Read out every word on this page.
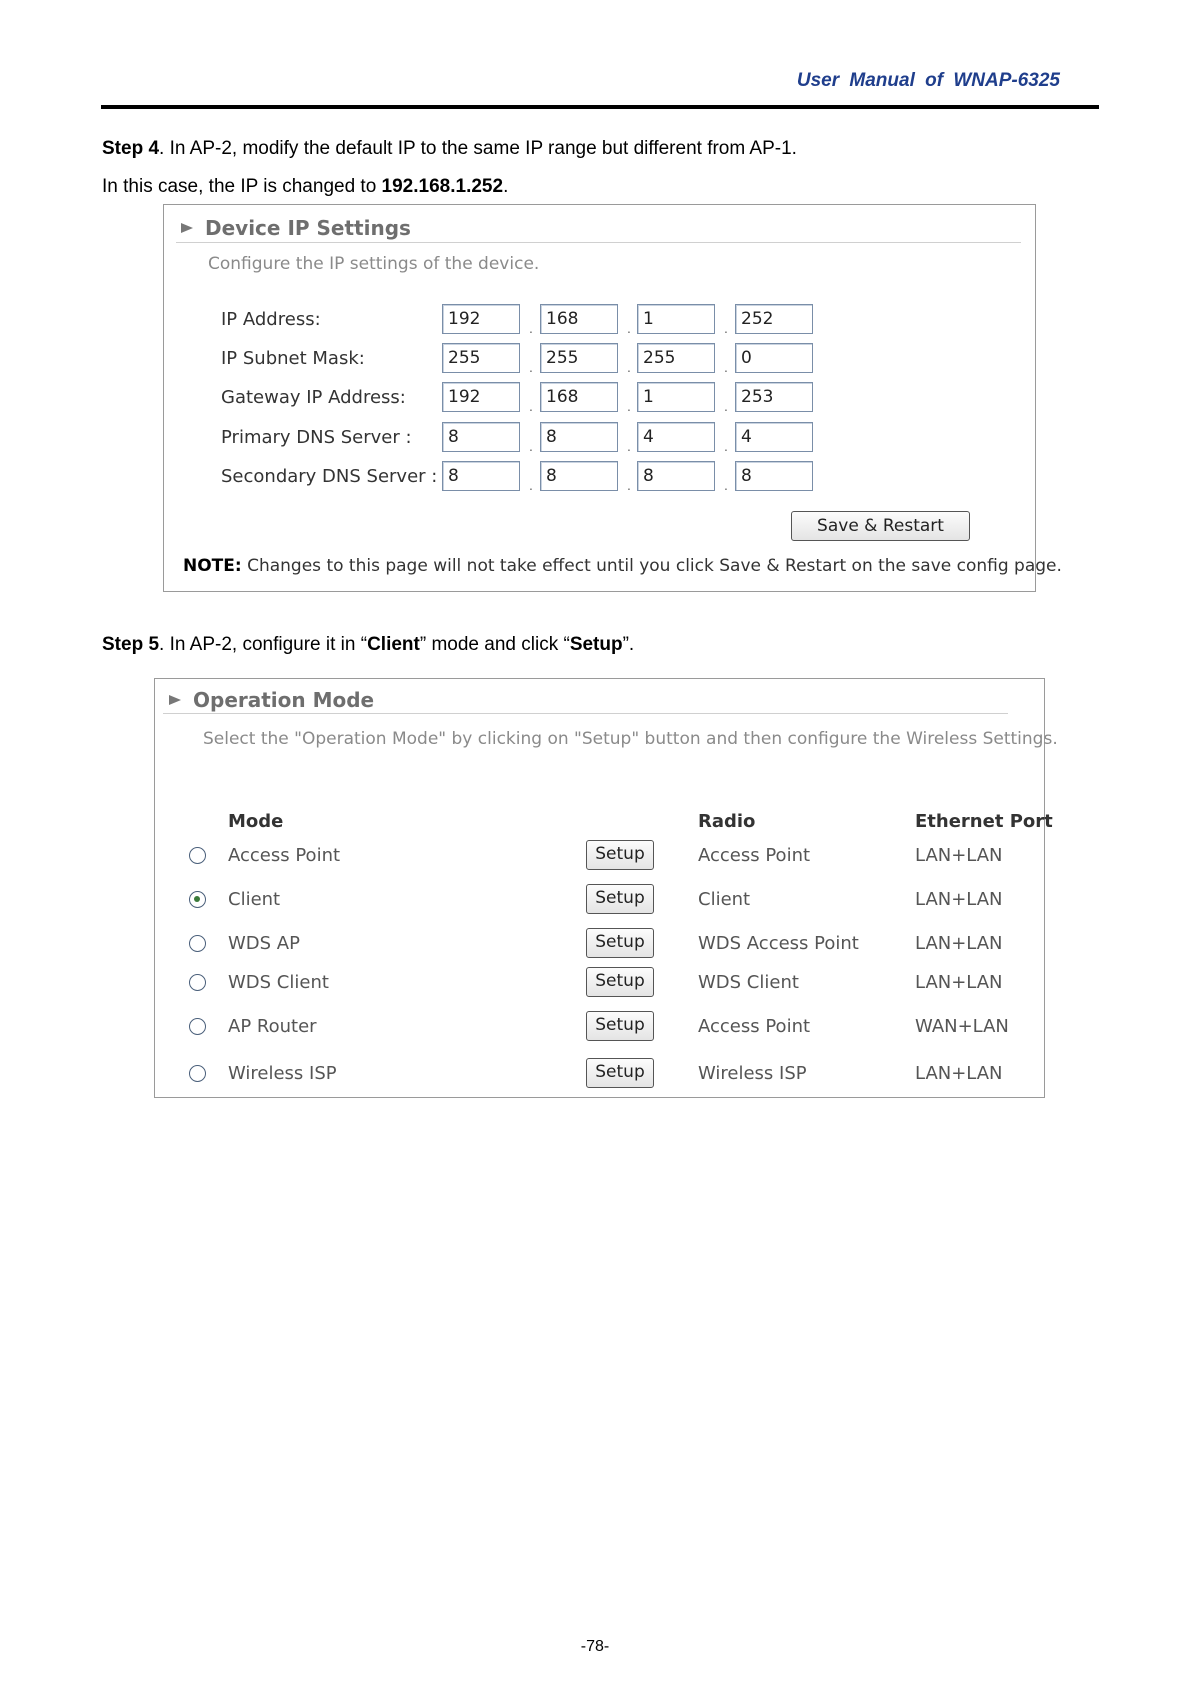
User Manual of WNAP-6325
Step 4. In AP-2, modify the default IP to the same IP range but different from AP-1.
In this case, the IP is changed to 192.168.1.252.
Device IP Settings
Configure the IP settings of the device.
IP Address:	192	. 168	. 1	. 252
IP Subnet Mask:	255	. 255	. 255	. 0
Gateway IP Address:	192	. 168	. 1	. 253
Primary DNS Server :	8	. 8	. 4	. 4
Secondary DNS Server : 8	. 8	. 8	. 8
Save & Restart
NOTE: Changes to this page will not take effect until you click Save & Restart on the save config page.
Step 5. In AP-2, configure it in “Client” mode and click “Setup”.
Operation Mode
Select the "Operation Mode" by clicking on "Setup" button and then configure the Wireless Settings.
Mode	Radio	Ethernet Port
Access Point	Setup	Access Point	LAN+LAN
Client	Setup	Client	LAN+LAN
WDS AP	Setup	WDS Access Point	LAN+LAN
WDS Client	Setup	WDS Client	LAN+LAN
AP Router	Setup	Access Point	WAN+LAN
Wireless ISP	Setup	Wireless ISP	LAN+LAN
-78-
